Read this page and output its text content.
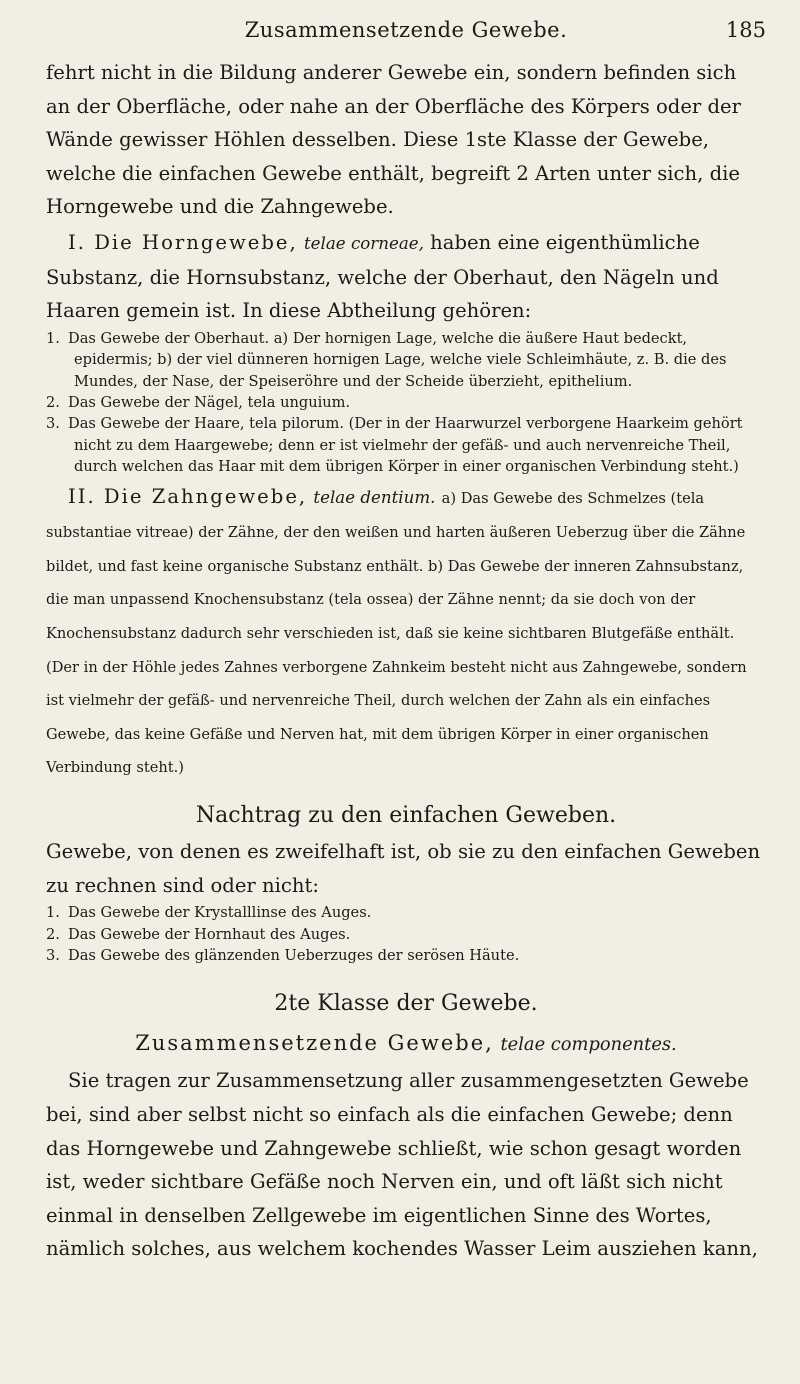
Zusammensetzende Gewebe.	185

fehrt nicht in die Bildung anderer Gewebe ein, sondern befinden sich an der Oberfläche, oder nahe an der Oberfläche des Körpers oder der Wände gewisser Höhlen desselben. Diese 1ste Klasse der Gewebe, welche die einfachen Gewebe enthält, begreift 2 Arten unter sich, die Horngewebe und die Zahngewebe.

I. Die Horngewebe, telae corneae, haben eine eigenthümliche Substanz, die Hornsubstanz, welche der Oberhaut, den Nägeln und Haaren gemein ist. In diese Abtheilung gehören:

1. Das Gewebe der Oberhaut. a) Der hornigen Lage, welche die äußere Haut bedeckt, epidermis; b) der viel dünneren hornigen Lage, welche viele Schleimhäute, z. B. die des Mundes, der Nase, der Speiseröhre und der Scheide überzieht, epithelium.

2. Das Gewebe der Nägel, tela unguium.

3. Das Gewebe der Haare, tela pilorum. (Der in der Haarwurzel verborgene Haarkeim gehört nicht zu dem Haargewebe; denn er ist vielmehr der gefäß- und auch nervenreiche Theil, durch welchen das Haar mit dem übrigen Körper in einer organischen Verbindung steht.)

II. Die Zahngewebe, telae dentium. a) Das Gewebe des Schmelzes (tela substantiae vitreae) der Zähne, der den weißen und harten äußeren Ueberzug über die Zähne bildet, und fast keine organische Substanz enthält. b) Das Gewebe der inneren Zahnsubstanz, die man unpassend Knochensubstanz (tela ossea) der Zähne nennt; da sie doch von der Knochensubstanz dadurch sehr verschieden ist, daß sie keine sichtbaren Blutgefäße enthält. (Der in der Höhle jedes Zahnes verborgene Zahnkeim besteht nicht aus Zahngewebe, sondern ist vielmehr der gefäß- und nervenreiche Theil, durch welchen der Zahn als ein einfaches Gewebe, das keine Gefäße und Nerven hat, mit dem übrigen Körper in einer organischen Verbindung steht.)

Nachtrag zu den einfachen Geweben.

Gewebe, von denen es zweifelhaft ist, ob sie zu den einfachen Geweben zu rechnen sind oder nicht:

1. Das Gewebe der Krystalllinse des Auges.

2. Das Gewebe der Hornhaut des Auges.

3. Das Gewebe des glänzenden Ueberzuges der serösen Häute.

2te Klasse der Gewebe.
Zusammensetzende Gewebe, telae componentes.

Sie tragen zur Zusammensetzung aller zusammengesetzten Gewebe bei, sind aber selbst nicht so einfach als die einfachen Gewebe; denn das Horngewebe und Zahngewebe schließt, wie schon gesagt worden ist, weder sichtbare Gefäße noch Nerven ein, und oft läßt sich nicht einmal in denselben Zellgewebe im eigentlichen Sinne des Wortes, nämlich solches, aus welchem kochendes Wasser Leim ausziehen kann,
